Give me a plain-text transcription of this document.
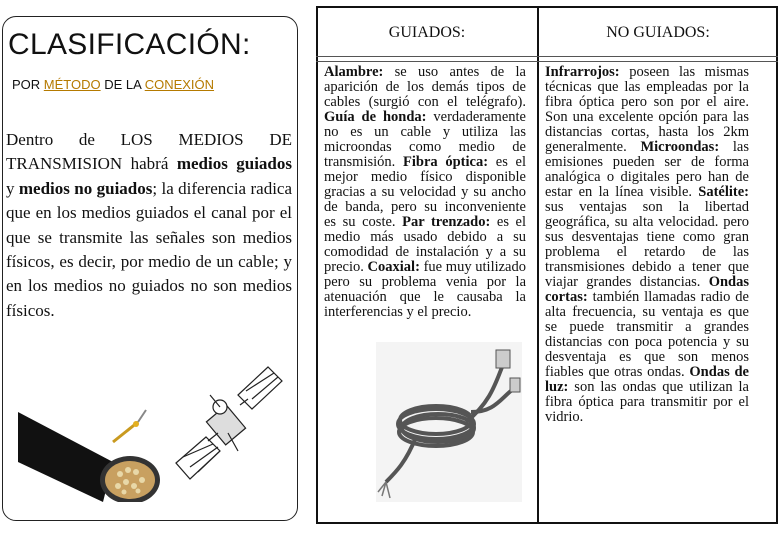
CLASIFICACIÓN:
POR MÉTODO DE LA CONEXIÓN
Dentro de LOS MEDIOS DE TRANSMISION habrá medios guiados y medios no guiados; la diferencia radica que en los medios guiados el canal por el que se transmite las señales son medios físicos, es decir, por medio de un cable; y en los medios no guiados no son medios físicos.
GUIADOS:	NO GUIADOS:
Alambre: se uso antes de la aparición de los demás tipos de cables (surgió con el telégrafo). Guía de honda: verdaderamente no es un cable y utiliza las microondas como medio de transmisión. Fibra óptica: es el mejor medio físico disponible gracias a su velocidad y su ancho de banda, pero su inconveniente es su coste. Par trenzado: es el medio más usado debido a su comodidad de instalación y a su precio. Coaxial: fue muy utilizado pero su problema venia por la atenuación que le causaba la interferencias y el precio.
Infrarrojos: poseen las mismas técnicas que las empleadas por la fibra óptica pero son por el aire. Son una excelente opción para las distancias cortas, hasta los 2km generalmente. Microondas: las emisiones pueden ser de forma analógica o digitales pero han de estar en la línea visible. Satélite: sus ventajas son la libertad geográfica, su alta velocidad. pero sus desventajas tiene como gran problema el retardo de las transmisiones debido a tener que viajar grandes distancias. Ondas cortas: también llamadas radio de alta frecuencia, su ventaja es que se puede transmitir a grandes distancias con poca potencia y su desventaja es que son menos fiables que otras ondas. Ondas de luz: son las ondas que utilizan la fibra óptica para transmitir por el vidrio.
